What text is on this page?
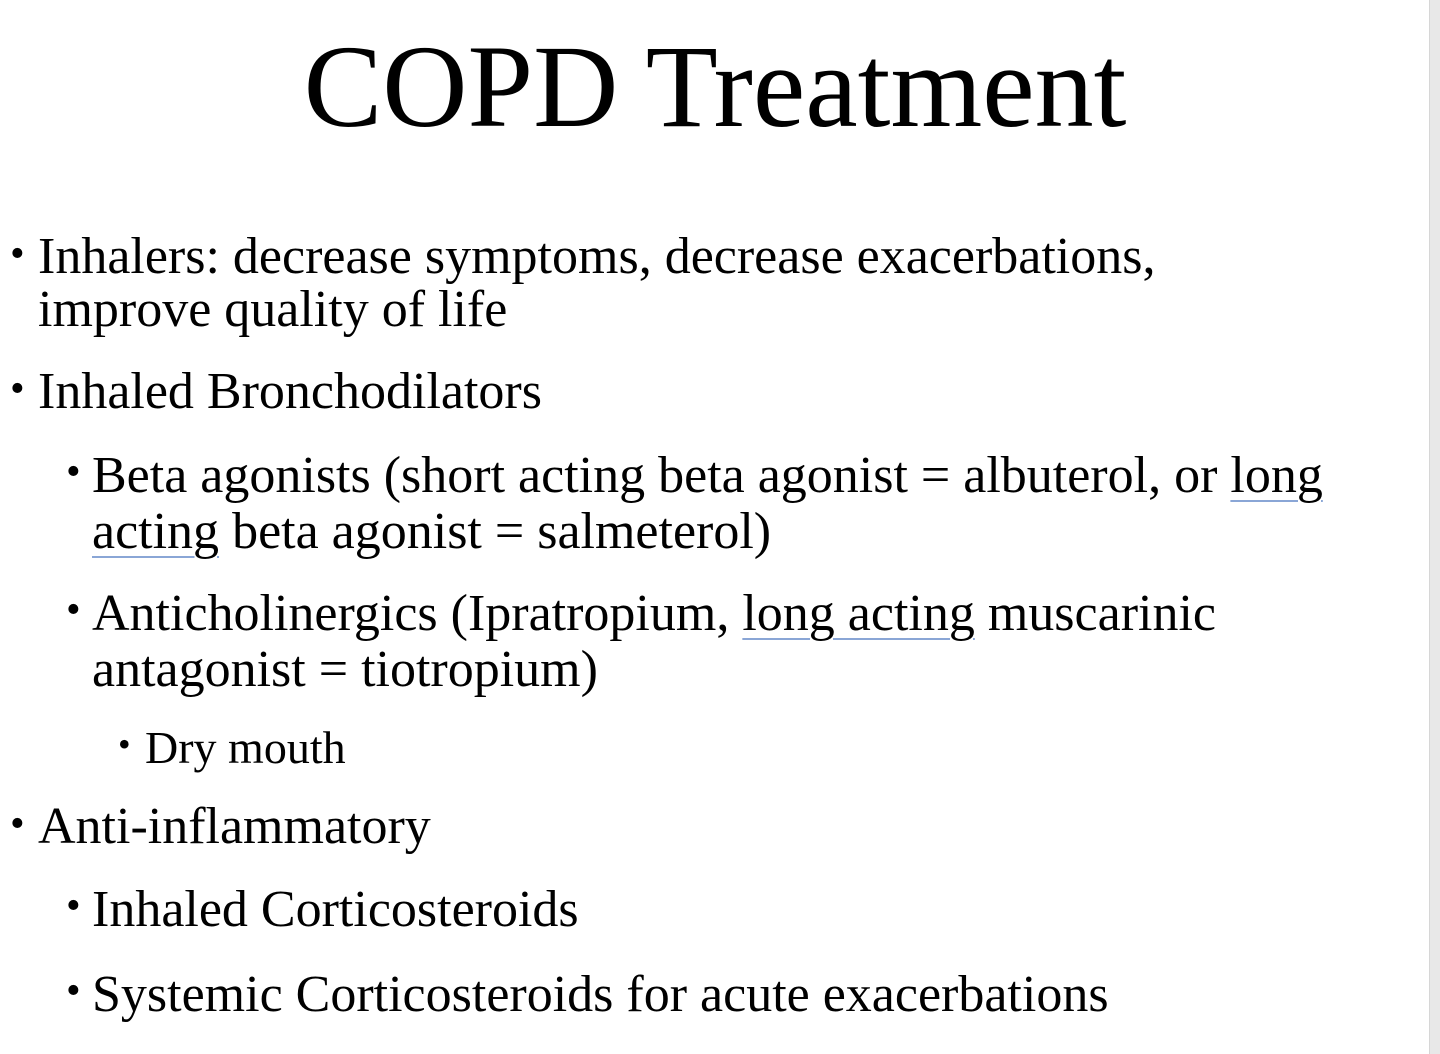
COPD Treatment
• Inhalers: decrease symptoms, decrease exacerbations,
improve quality of life
• Inhaled Bronchodilators
• Beta agonists (short acting beta agonist = albuterol, or long
acting beta agonist = salmeterol)
• Anticholinergics (Ipratropium, long acting muscarinic
antagonist = tiotropium)
• Dry mouth
• Anti-inflammatory
• Inhaled Corticosteroids
• Systemic Corticosteroids for acute exacerbations
